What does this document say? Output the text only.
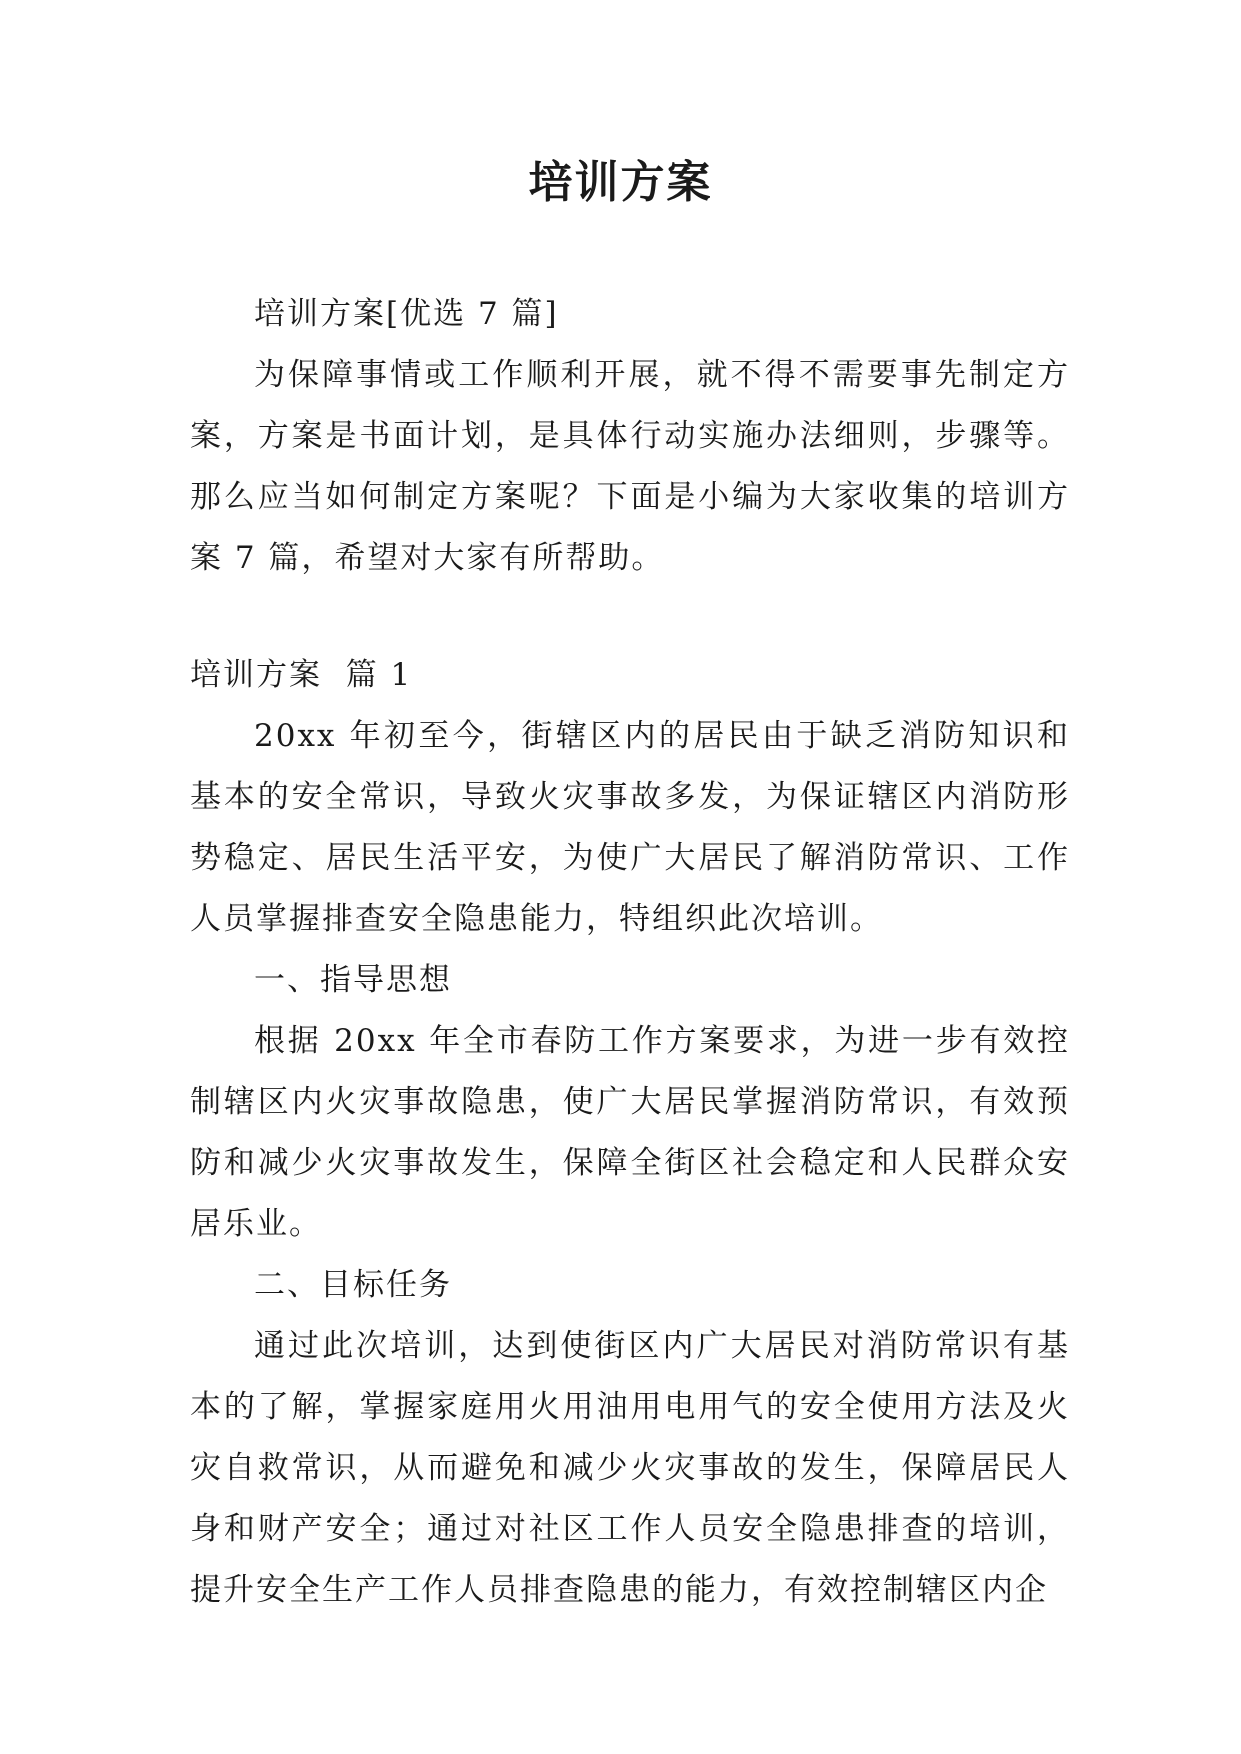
培训方案

培训方案[优选 7 篇]

为保障事情或工作顺利开展，就不得不需要事先制定方案，方案是书面计划，是具体行动实施办法细则，步骤等。那么应当如何制定方案呢？下面是小编为大家收集的培训方案 7 篇，希望对大家有所帮助。

培训方案  篇 1

20xx 年初至今，街辖区内的居民由于缺乏消防知识和基本的安全常识，导致火灾事故多发，为保证辖区内消防形势稳定、居民生活平安，为使广大居民了解消防常识、工作人员掌握排查安全隐患能力，特组织此次培训。

一、指导思想

根据 20xx 年全市春防工作方案要求，为进一步有效控制辖区内火灾事故隐患，使广大居民掌握消防常识，有效预防和减少火灾事故发生，保障全街区社会稳定和人民群众安居乐业。

二、目标任务

通过此次培训，达到使街区内广大居民对消防常识有基本的了解，掌握家庭用火用油用电用气的安全使用方法及火灾自救常识，从而避免和减少火灾事故的发生，保障居民人身和财产安全；通过对社区工作人员安全隐患排查的培训，提升安全生产工作人员排查隐患的能力，有效控制辖区内企
